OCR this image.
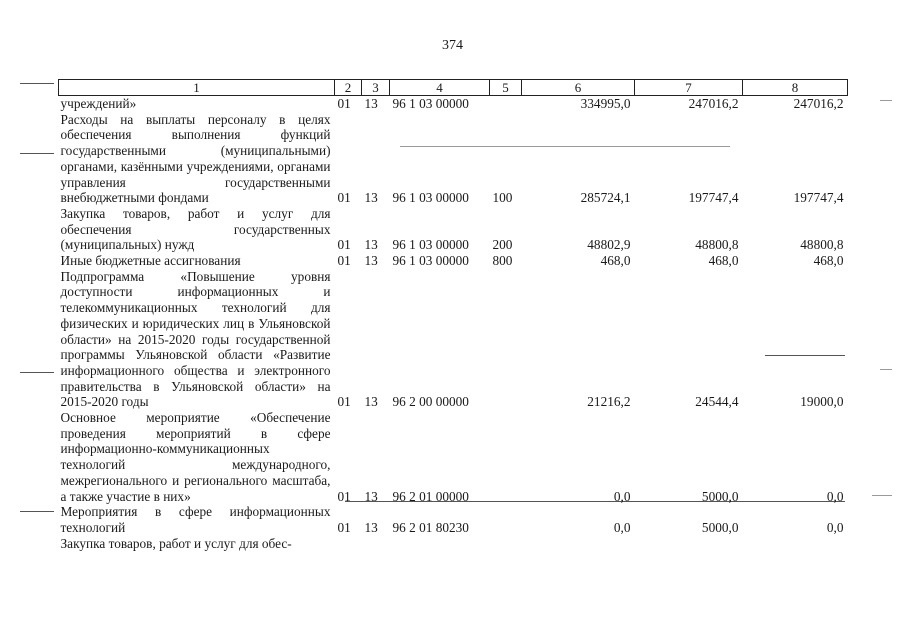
374
1	2	3	4	5	6	7	8
учреждений»	01	13	96 1 03 00000		334995,0	247016,2	247016,2
Расходы на выплаты персоналу в целях обеспечения выполнения функций государственными (муниципальными) органами, казёнными учреждениями, органами управления государственными внебюджетными фондами	01	13	96 1 03 00000	100	285724,1	197747,4	197747,4
Закупка товаров, работ и услуг для обеспечения государственных (муниципальных) нужд	01	13	96 1 03 00000	200	48802,9	48800,8	48800,8
Иные бюджетные ассигнования	01	13	96 1 03 00000	800	468,0	468,0	468,0
Подпрограмма «Повышение уровня доступности информационных и телекоммуникационных технологий для физических и юридических лиц в Ульяновской области» на 2015-2020 годы государственной программы Ульяновской области «Развитие информационного общества и электронного правительства в Ульяновской области» на 2015-2020 годы	01	13	96 2 00 00000		21216,2	24544,4	19000,0
Основное мероприятие «Обеспечение проведения мероприятий в сфере информационно-коммуникационных технологий международного, межрегионального и регионального масштаба, а также участие в них»	01	13	96 2 01 00000		0,0	5000,0	0,0
Мероприятия в сфере информационных технологий	01	13	96 2 01 80230		0,0	5000,0	0,0
Закупка товаров, работ и услуг для обес-							
